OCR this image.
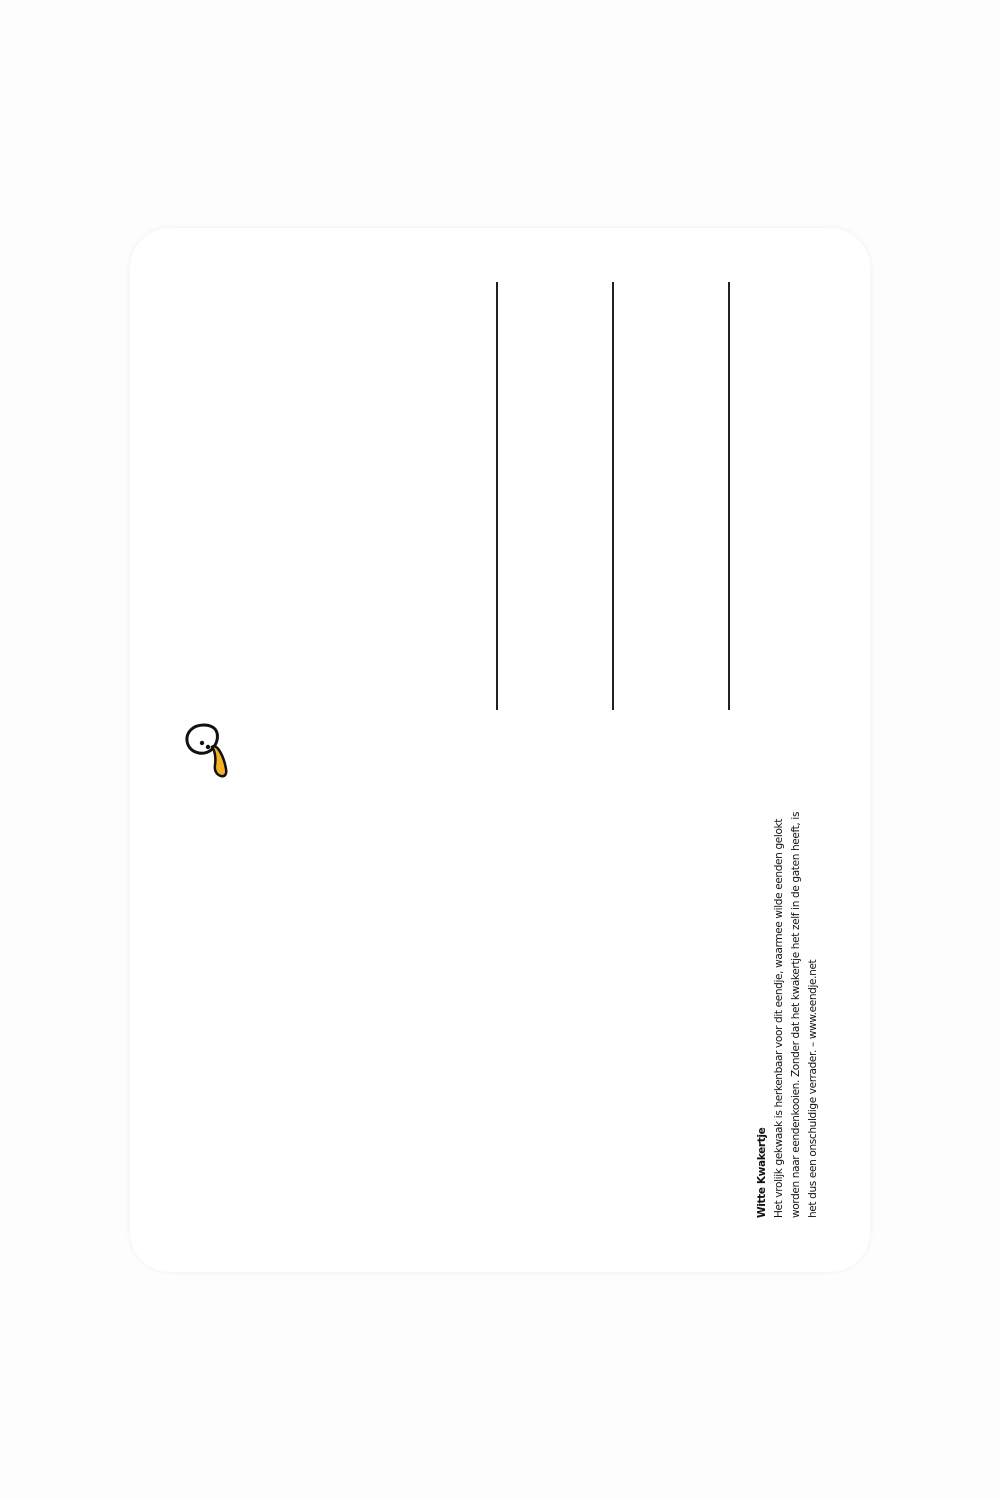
Witte Kwakertje Het vrolijk gekwaak is herkenbaar voor dit eendje, waarmee wilde eenden gelokt worden naar eendenkooien. Zonder dat het kwakertje het zelf in de gaten heeft, is het dus een onschuldige verrader. – www.eendje.net
